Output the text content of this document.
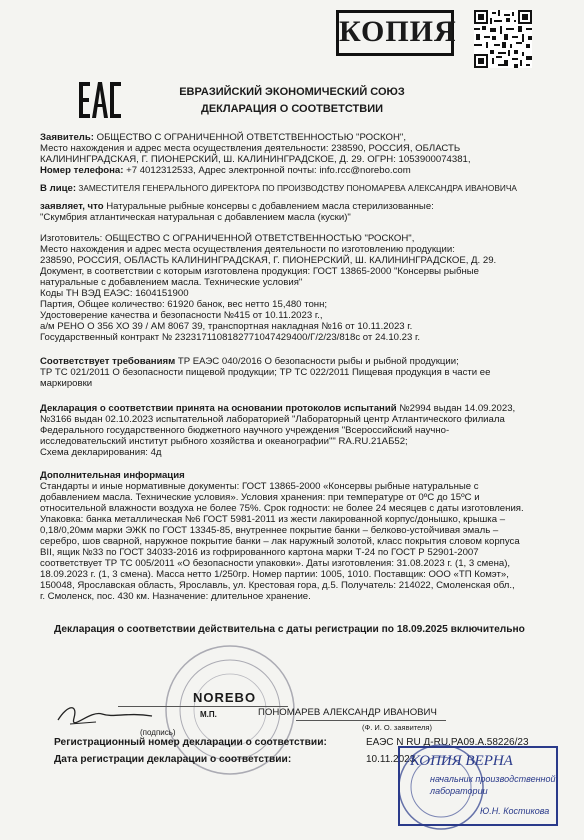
КОПИЯ
ЕВРАЗИЙСКИЙ ЭКОНОМИЧЕСКИЙ СОЮЗ
ДЕКЛАРАЦИЯ О СООТВЕТСТВИИ
Заявитель: ОБЩЕСТВО С ОГРАНИЧЕННОЙ ОТВЕТСТВЕННОСТЬЮ "РОСКОН",
Место нахождения и адрес места осуществления деятельности: 238590, РОССИЯ, ОБЛАСТЬ
КАЛИНИНГРАДСКАЯ, Г. ПИОНЕРСКИЙ, Ш. КАЛИНИНГРАДСКОЕ, Д. 29. ОГРН: 1053900074381,
Номер телефона: +7 4012312533, Адрес электронной почты: info.rcc@norebo.com
В лице: ЗАМЕСТИТЕЛЯ ГЕНЕРАЛЬНОГО ДИРЕКТОРА ПО ПРОИЗВОДСТВУ ПОНОМАРЕВА АЛЕКСАНДРА ИВАНОВИЧА
заявляет, что Натуральные рыбные консервы с добавлением масла стерилизованные:
"Скумбрия атлантическая натуральная с добавлением масла (куски)"
Изготовитель: ОБЩЕСТВО С ОГРАНИЧЕННОЙ ОТВЕТСТВЕННОСТЬЮ "РОСКОН",
Место нахождения и адрес места осуществления деятельности по изготовлению продукции:
238590, РОССИЯ, ОБЛАСТЬ КАЛИНИНГРАДСКАЯ, Г. ПИОНЕРСКИЙ, Ш. КАЛИНИНГРАДСКОЕ, Д. 29.
Документ, в соответствии с которым изготовлена продукция: ГОСТ 13865-2000 "Консервы рыбные
натуральные с добавлением масла. Технические условия"
Коды ТН ВЭД ЕАЭС: 1604151900
Партия, Общее количество: 61920 банок, вес нетто 15,480 тонн;
Удостоверение качества и безопасности №415 от 10.11.2023 г.,
а/м РЕНО О 356 ХО 39 / АМ 8067 39, транспортная накладная №16 от 10.11.2023 г.
Государственный контракт № 2323171108182771047429400/Г/2/23/818с от 24.10.23 г.
Соответствует требованиям ТР ЕАЭС 040/2016 О безопасности рыбы и рыбной продукции;
ТР ТС 021/2011 О безопасности пищевой продукции; ТР ТС 022/2011 Пищевая продукция в части ее
маркировки
Декларация о соответствии принята на основании протоколов испытаний №2994 выдан 14.09.2023,
№3166 выдан 02.10.2023 испытательной лабораторией "Лабораторный центр Атлантического филиала
Федерального государственного бюджетного научного учреждения "Всероссийский научно-
исследовательский институт рыбного хозяйства и океанографии"" RA.RU.21АБ52;
Схема декларирования: 4д
Дополнительная информация
Стандарты и иные нормативные документы: ГОСТ 13865-2000 «Консервы рыбные натуральные с
добавлением масла. Технические условия». Условия хранения: при температуре от 0ºС до 15ºС и
относительной влажности воздуха не более 75%. Срок годности: не более 24 месяцев с даты изготовления.
Упаковка: банка металлическая №6 ГОСТ 5981-2011 из жести лакированной корпус/донышко, крышка –
0,18/0,20мм марки ЭЖК по ГОСТ 13345-85, внутреннее покрытие банки – белково-устойчивая эмаль –
серебро, шов сварной, наружное покрытие банки – лак наружный золотой, класс покрытия словом корпуса
BII, ящик №33 по ГОСТ 34033-2016 из гофрированного картона марки Т-24 по ГОСТ Р 52901-2007
соответствует ТР ТС 005/2011 «О безопасности упаковки». Даты изготовления: 31.08.2023 г. (1, 3 смена),
18.09.2023 г. (1, 3 смена). Масса нетто 1/250гр. Номер партии: 1005, 1010. Поставщик: ООО «ТП Комэт»,
150048, Ярославская область, Ярославль, ул. Крестовая гора, д.5. Получатель: 214022, Смоленская обл.,
г. Смоленск, пос. 430 км. Назначение: длительное хранение.
Декларация о соответствии действительна с даты регистрации по 18.09.2025 включительно
(подпись)
NOREBO
М.П.	ПОНОМАРЕВ АЛЕКСАНДР ИВАНОВИЧ
(Ф. И. О. заявителя)
Регистрационный номер декларации о соответствии:	ЕАЭС N RU Д-RU.PA09.A.58226/23
Дата регистрации декларации о соответствии:	10.11.2023
КОПИЯ ВЕРНА
начальник производственной
лаборатории
Ю.Н. Костикова
